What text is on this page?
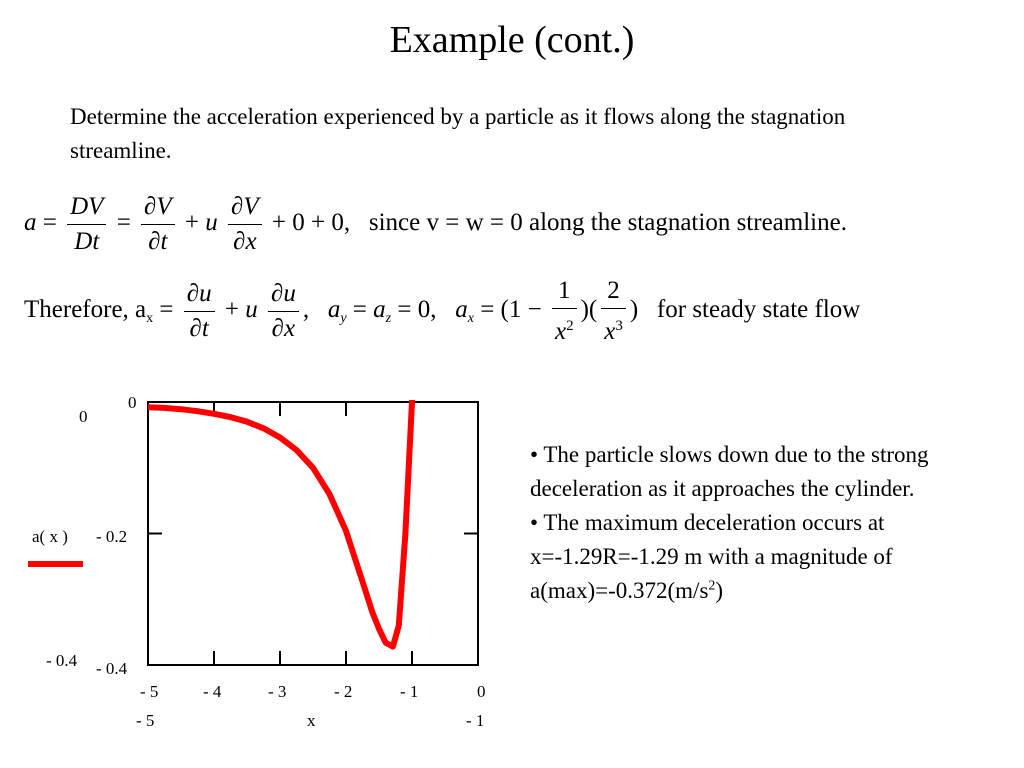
Example (cont.)
Determine the acceleration experienced by a particle as it flows along the stagnation streamline.
$a = \frac{DV}{Dt} = \frac{\partial V}{\partial t} + u \frac{\partial V}{\partial x} + 0 + 0$, since v = w = 0 along the stagnation streamline.
Therefore, $a_x = \frac{\partial u}{\partial t} + u \frac{\partial u}{\partial x}$ ,   $a_y = a_z = 0$, $a_x = (1 - \frac{1}{x^2}$ )( $\frac{2}{x^3}$ ) for steady state flow
0
- 0.2
- 0.4
0
- 0.4
a( x )
- 5	- 4	- 3	- 2	- 1	0
- 5	x	- 1

• The particle slows down due to the strong deceleration as it approaches the cylinder.

• The maximum deceleration occurs at x=-1.29R=-1.29 m with a magnitude of $a(\max)=-0.372(m/s^2)$
